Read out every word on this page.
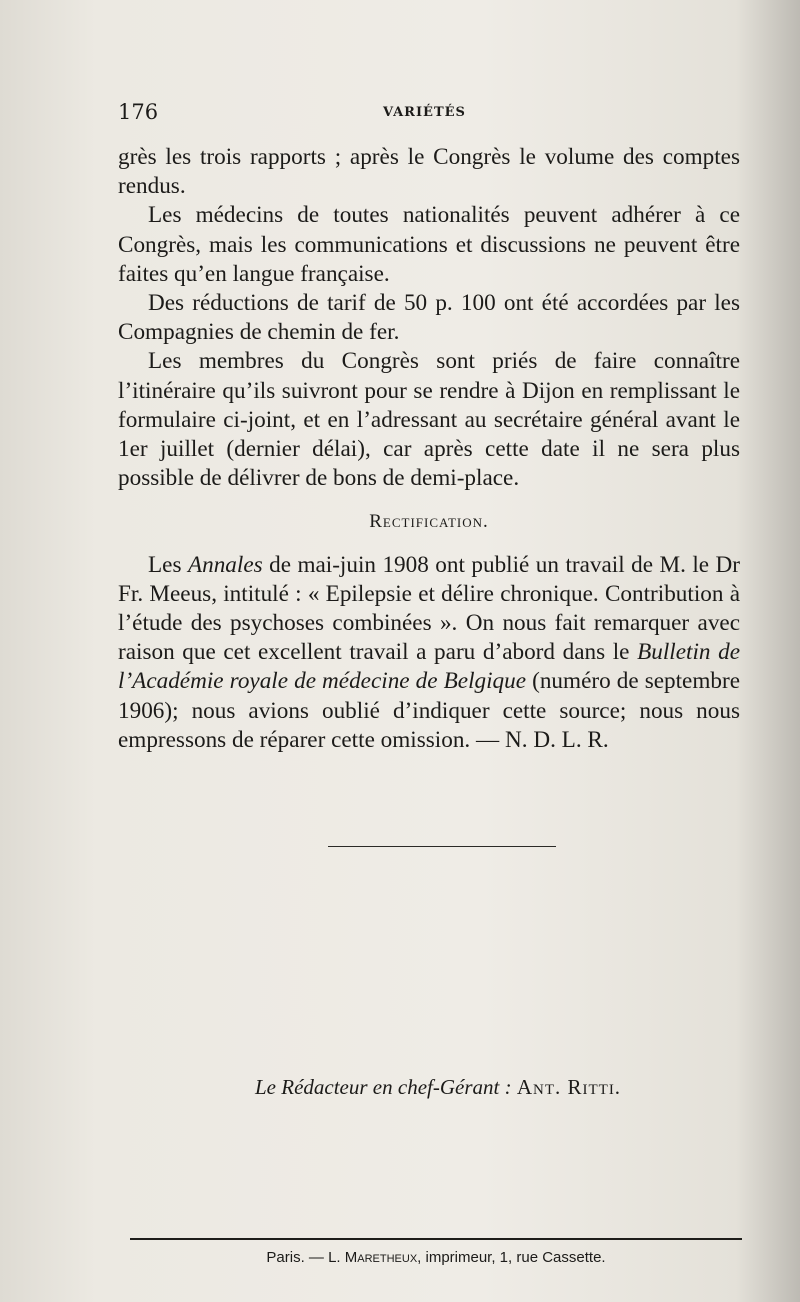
176	VARIÉTÉS

grès les trois rapports ; après le Congrès le volume des comptes rendus.

Les médecins de toutes nationalités peuvent adhérer à ce Congrès, mais les communications et discussions ne peuvent être faites qu’en langue française.

Des réductions de tarif de 50 p. 100 ont été accordées par les Compagnies de chemin de fer.

Les membres du Congrès sont priés de faire connaître l’itinéraire qu’ils suivront pour se rendre à Dijon en remplissant le formulaire ci-joint, et en l’adressant au secrétaire général avant le 1er juillet (dernier délai), car après cette date il ne sera plus possible de délivrer de bons de demi-place.

Rectification.

Les Annales de mai-juin 1908 ont publié un travail de M. le Dr Fr. Meeus, intitulé : « Epilepsie et délire chronique. Contribution à l’étude des psychoses combinées ». On nous fait remarquer avec raison que cet excellent travail a paru d’abord dans le Bulletin de l’Académie royale de médecine de Belgique (numéro de septembre 1906); nous avions oublié d’indiquer cette source; nous nous empressons de réparer cette omission. — N. D. L. R.

Le Rédacteur en chef-Gérant : Ant. Ritti.
Paris. — L. Maretheux, imprimeur, 1, rue Cassette.
